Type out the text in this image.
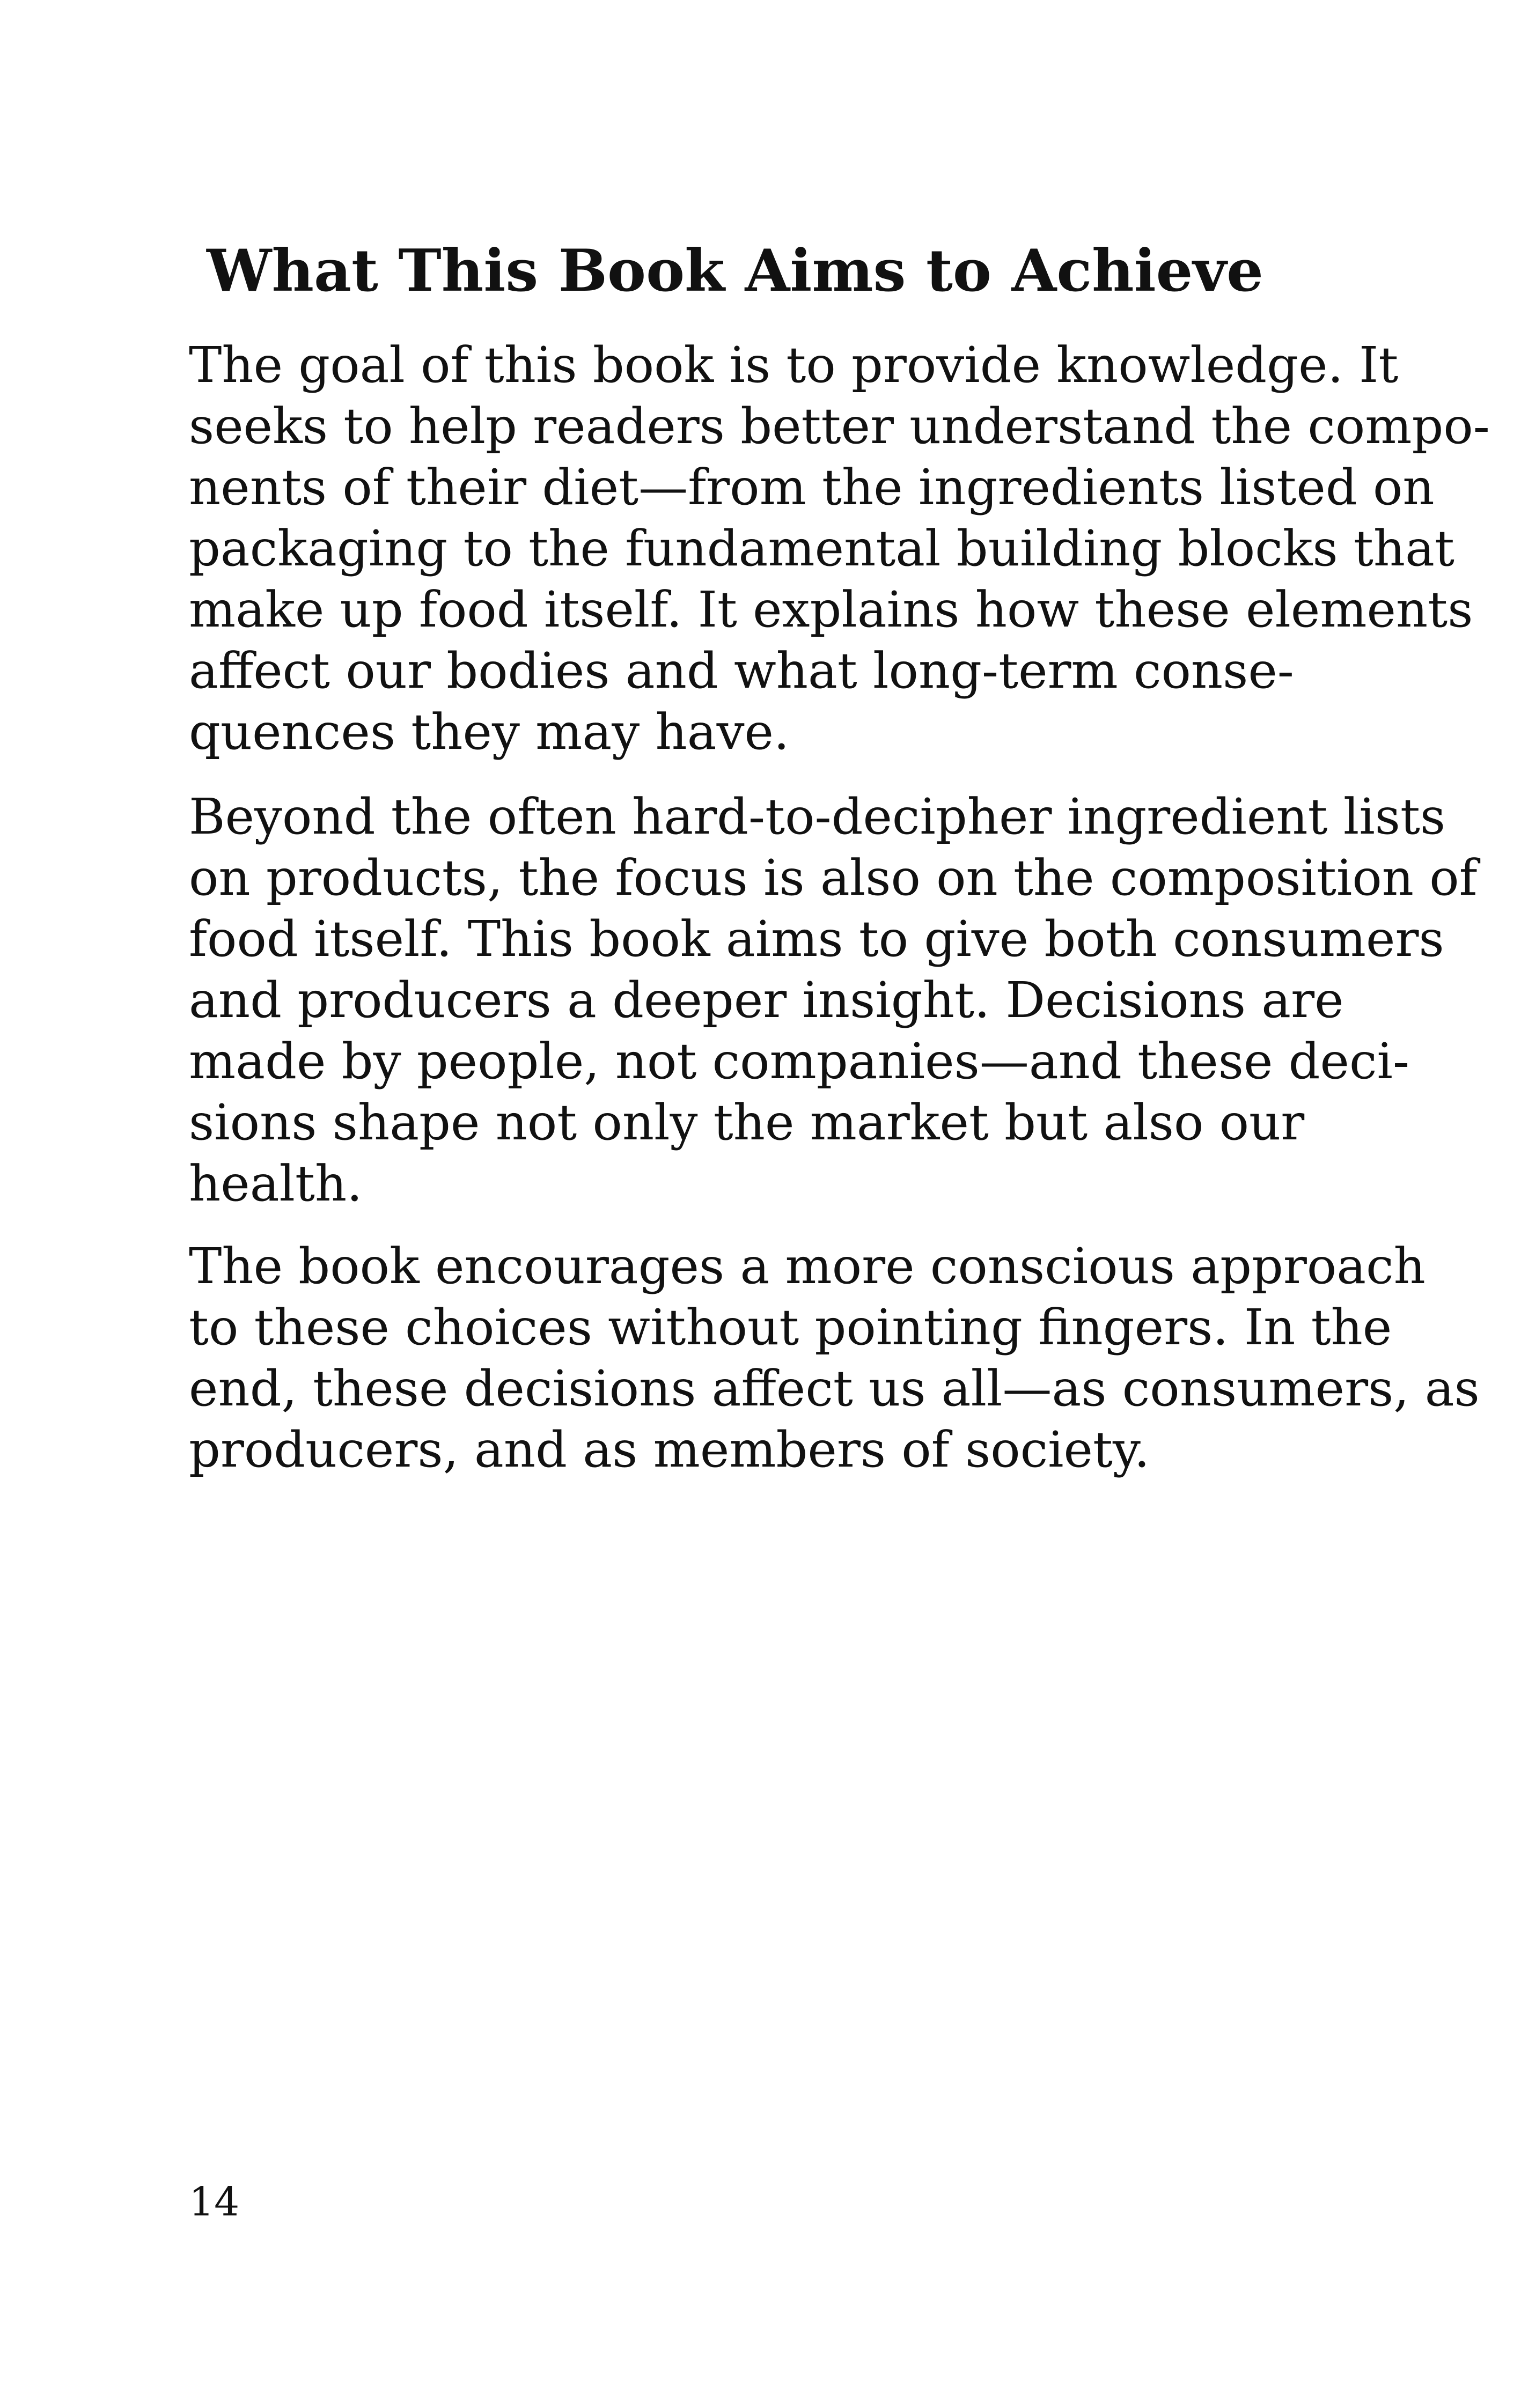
What This Book Aims to Achieve

The goal of this book is to provide knowledge. It
seeks to help readers better understand the compo-
nents of their diet—from the ingredients listed on
packaging to the fundamental building blocks that
make up food itself. It explains how these elements
affect our bodies and what long-term conse-
quences they may have.

Beyond the often hard-to-decipher ingredient lists
on products, the focus is also on the composition of
food itself. This book aims to give both consumers
and producers a deeper insight. Decisions are
made by people, not companies—and these deci-
sions shape not only the market but also our
health.

The book encourages a more conscious approach
to these choices without pointing fingers. In the
end, these decisions affect us all—as consumers, as
producers, and as members of society.

14
